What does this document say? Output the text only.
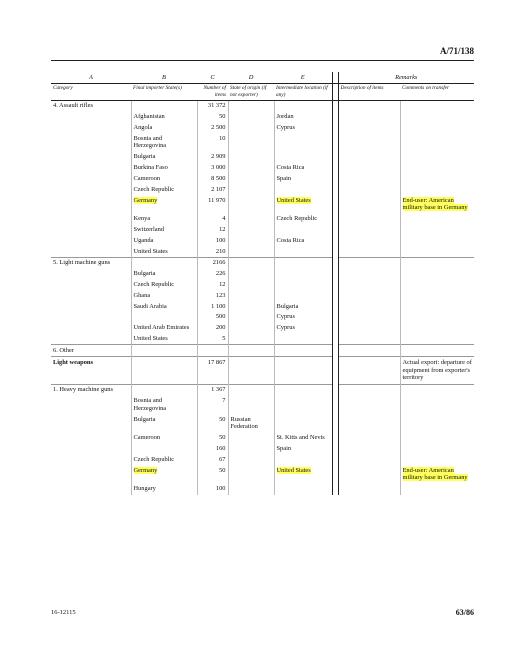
A/71/138
A	B	C	D	E		Remarks	
Category	Final importer State(s)	Number of items	State of origin (if not exporter)	Intermediate location (if any)		Description of items	Comments on transfer
4. Assault rifles		31 372					
	Afghanistan	50		Jordan			
	Angola	2 500		Cyprus			
	Bosnia and Herzegovina	10					
	Bulgaria	2 909					
	Burkina Faso	3 000		Costa Rica			
	Cameroon	8 500		Spain			
	Czech Republic	2 107					
	Germany	11 970		United States			End-user: American military base in Germany
	Kenya	4		Czech Republic			
	Switzerland	12					
	Uganda	100		Costa Rica			
	United States	210					
5. Light machine guns		2166					
	Bulgaria	226					
	Czech Republic	12					
	Ghana	123					
	Saudi Arabia	1 100		Bulgaria			
		500		Cyprus			
	United Arab Emirates	200		Cyprus			
	United States	5					
6. Other							
Light weapons		17 867					Actual export: departure of equipment from exporter's territory
1. Heavy machine guns		1 367					
	Bosnia and Herzegovina	7					
	Bulgaria	50	Russian Federation				
	Cameroon	50		St. Kitts and Nevis			
		160		Spain			
	Czech Republic	67					
	Germany	50		United States			End-user: American military base in Germany
	Hungary	100					
16-12115	63/86
